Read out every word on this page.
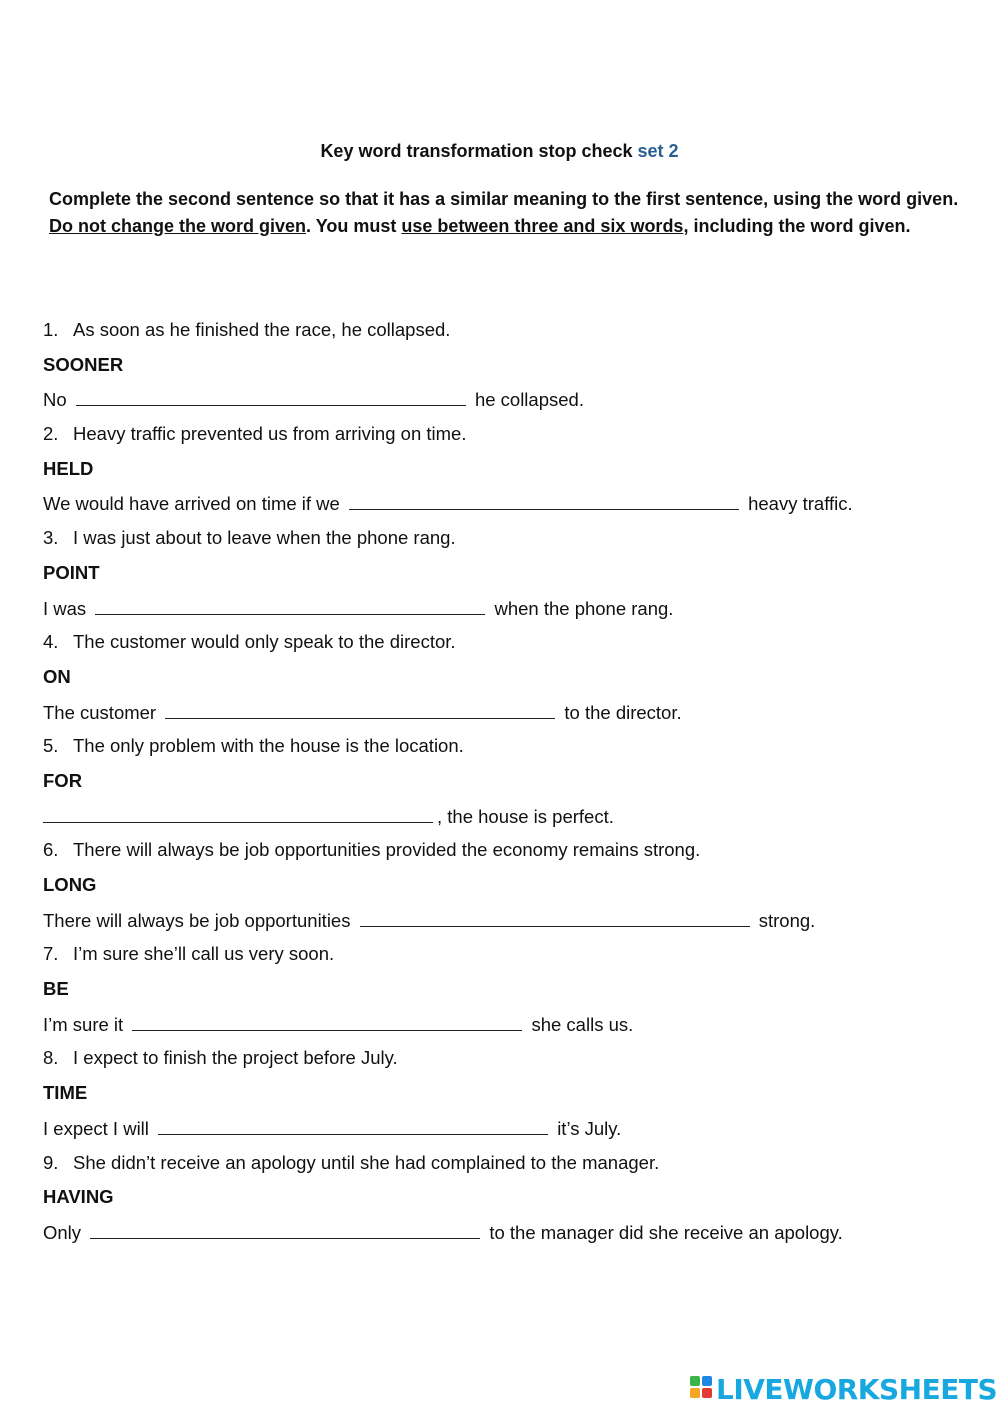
Key word transformation stop check set 2
Complete the second sentence so that it has a similar meaning to the first sentence, using the word given. Do not change the word given. You must use between three and six words, including the word given.
1. As soon as he finished the race, he collapsed.
SOONER
No	he collapsed.
2. Heavy traffic prevented us from arriving on time.
HELD
We would have arrived on time if we	heavy traffic.
3. I was just about to leave when the phone rang.
POINT
I was	when the phone rang.
4. The customer would only speak to the director.
ON
The customer	to the director.
5. The only problem with the house is the location.
FOR
, the house is perfect.
6. There will always be job opportunities provided the economy remains strong.
LONG
There will always be job opportunities	strong.
7. I’m sure she’ll call us very soon.
BE
I’m sure it	she calls us.
8. I expect to finish the project before July.
TIME
I expect I will	it’s July.
9. She didn’t receive an apology until she had complained to the manager.
HAVING
Only	to the manager did she receive an apology.
LIVEWORKSHEETS
